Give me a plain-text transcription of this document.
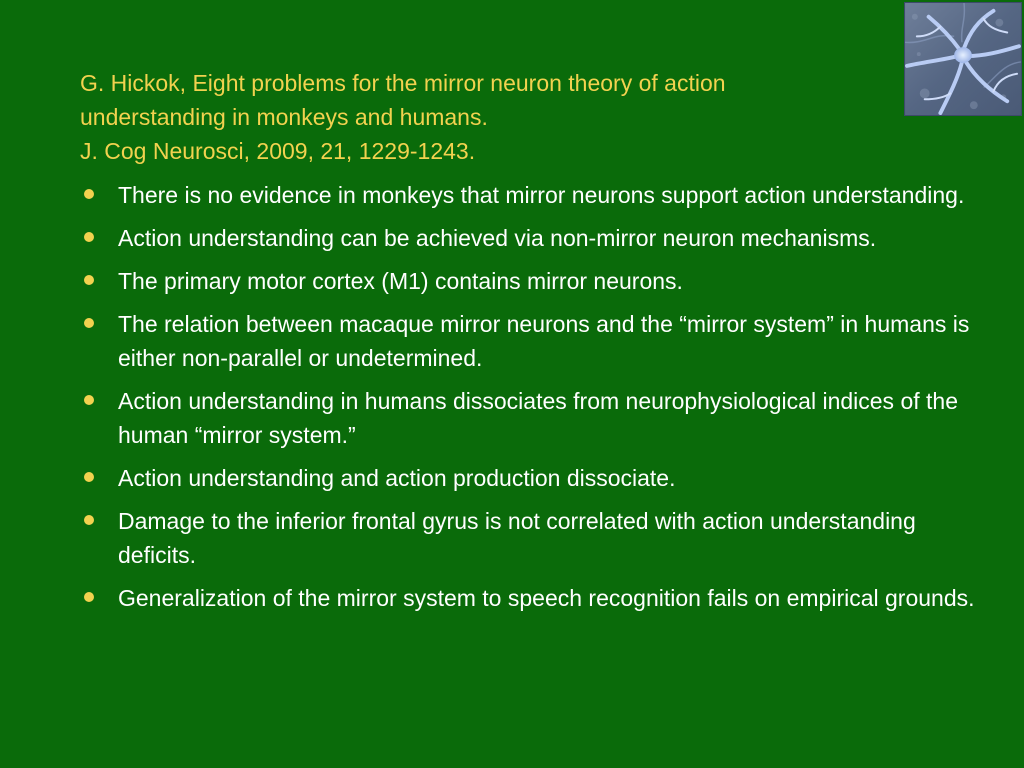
G. Hickok, Eight problems for the mirror neuron theory of action
understanding in monkeys and humans.
J. Cog Neurosci, 2009, 21, 1229-1243.
There is no evidence in monkeys that mirror neurons support action understanding.
Action understanding can be achieved via non-mirror neuron mechanisms.
The primary motor cortex (M1) contains mirror neurons.
The relation between macaque mirror neurons and the “mirror system” in humans is either non-parallel or undetermined.
Action understanding in humans dissociates from neurophysiological indices of the human “mirror system.”
Action understanding and action production dissociate.
Damage to the inferior frontal gyrus is not correlated with action understanding deficits.
Generalization of the mirror system to speech recognition fails on empirical grounds.
